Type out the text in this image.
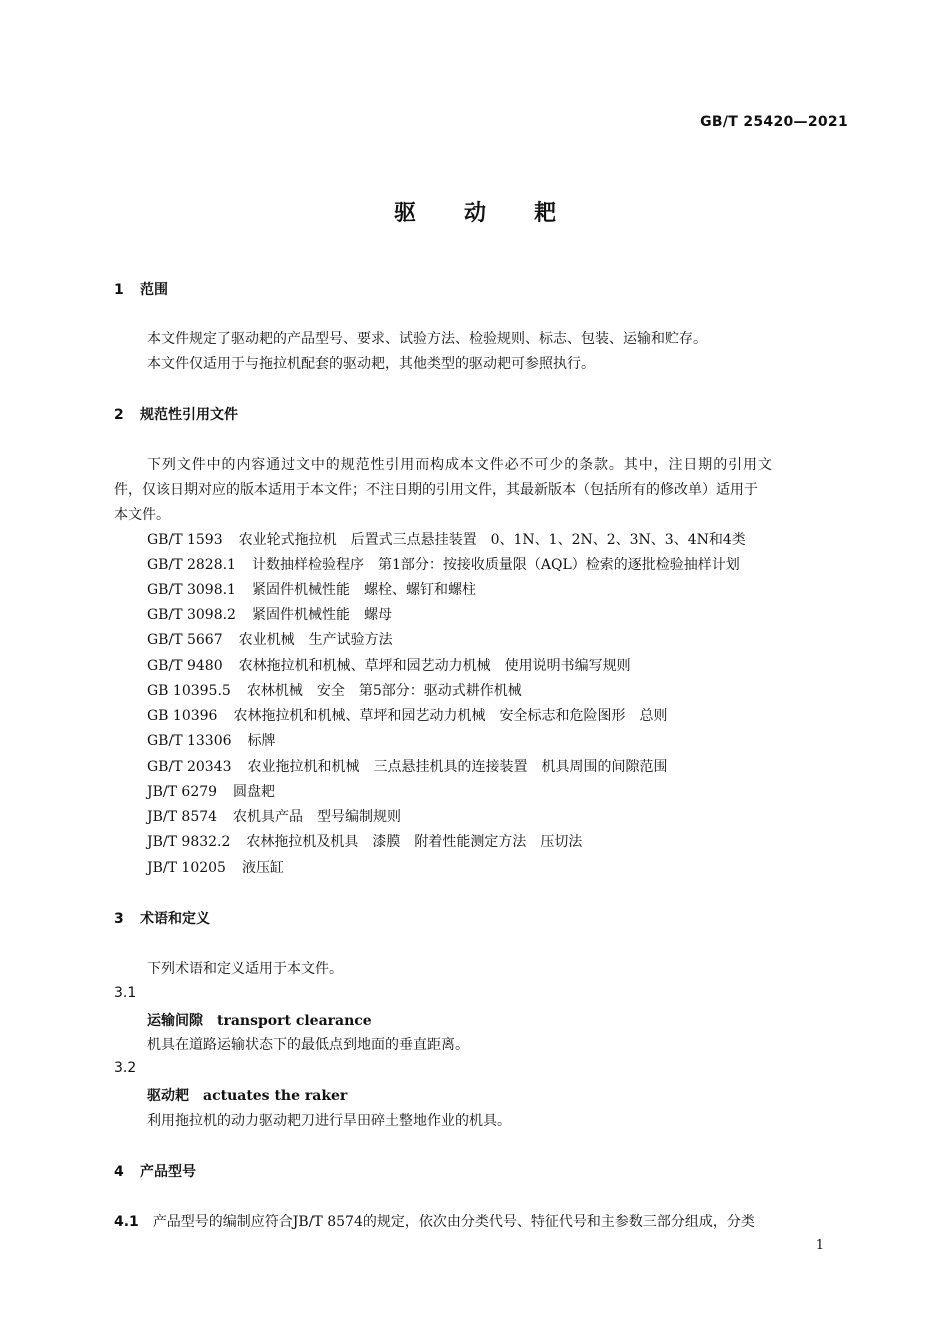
GB/T 25420—2021
驱动耙
1 范围
本文件规定了驱动耙的产品型号、要求、试验方法、检验规则、标志、包装、运输和贮存。
本文件仅适用于与拖拉机配套的驱动耙，其他类型的驱动耙可参照执行。
2 规范性引用文件
下列文件中的内容通过文中的规范性引用而构成本文件必不可少的条款。其中，注日期的引用文
件，仅该日期对应的版本适用于本文件；不注日期的引用文件，其最新版本（包括所有的修改单）适用于
本文件。
GB/T 1593 农业轮式拖拉机　后置式三点悬挂装置　0、1N、1、2N、2、3N、3、4N和4类
GB/T 2828.1 计数抽样检验程序　第1部分：按接收质量限（AQL）检索的逐批检验抽样计划
GB/T 3098.1 紧固件机械性能　螺栓、螺钉和螺柱
GB/T 3098.2 紧固件机械性能　螺母
GB/T 5667 农业机械　生产试验方法
GB/T 9480 农林拖拉机和机械、草坪和园艺动力机械　使用说明书编写规则
GB 10395.5 农林机械　安全　第5部分：驱动式耕作机械
GB 10396 农林拖拉机和机械、草坪和园艺动力机械　安全标志和危险图形　总则
GB/T 13306 标牌
GB/T 20343 农业拖拉机和机械　三点悬挂机具的连接装置　机具周围的间隙范围
JB/T 6279 圆盘耙
JB/T 8574 农机具产品　型号编制规则
JB/T 9832.2 农林拖拉机及机具　漆膜　附着性能测定方法　压切法
JB/T 10205 液压缸
3 术语和定义
下列术语和定义适用于本文件。
3.1
运输间隙 transport clearance
机具在道路运输状态下的最低点到地面的垂直距离。
3.2
驱动耙 actuates the raker
利用拖拉机的动力驱动耙刀进行旱田碎土整地作业的机具。
4 产品型号
4.1 产品型号的编制应符合JB/T 8574的规定，依次由分类代号、特征代号和主参数三部分组成，分类
1
